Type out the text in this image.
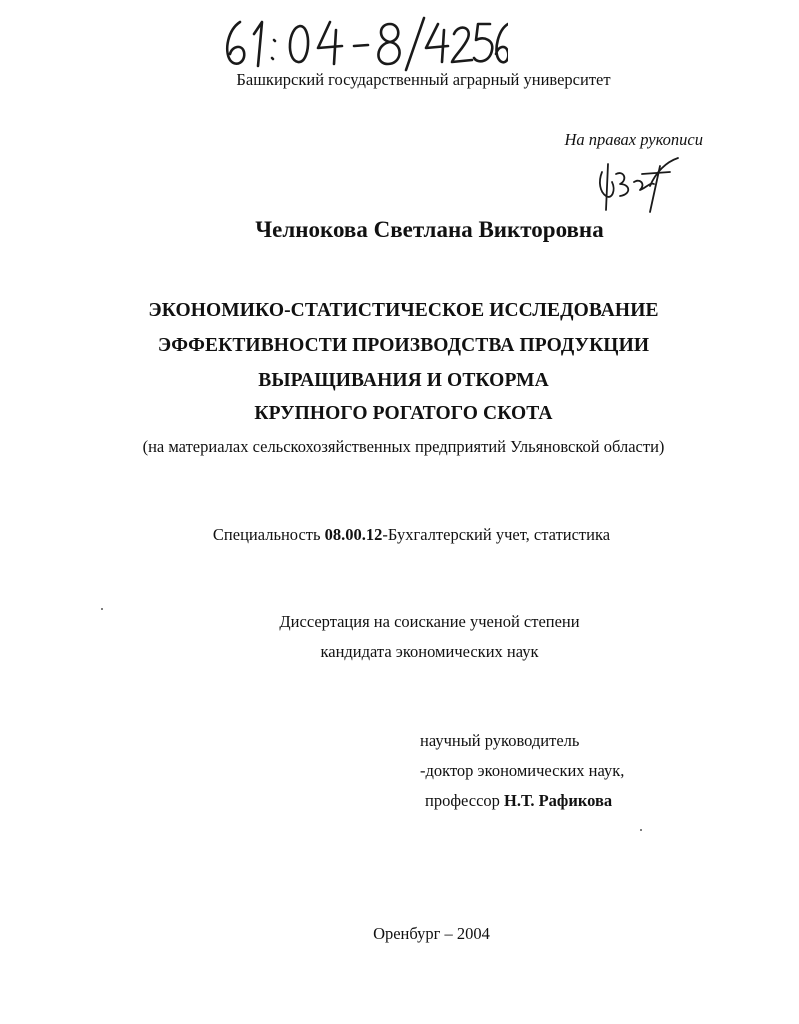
Башкирский государственный аграрный университет
На правах рукописи
Челнокова Светлана Викторовна
ЭКОНОМИКО-СТАТИСТИЧЕСКОЕ ИССЛЕДОВАНИЕ
ЭФФЕКТИВНОСТИ ПРОИЗВОДСТВА ПРОДУКЦИИ
ВЫРАЩИВАНИЯ И ОТКОРМА
КРУПНОГО РОГАТОГО СКОТА
(на материалах сельскохозяйственных предприятий Ульяновской области)
Специальность 08.00.12-Бухгалтерский учет, статистика
Диссертация на соискание ученой степени
кандидата экономических наук
научный руководитель
-доктор экономических наук,
профессор Н.Т. Рафикова
Оренбург – 2004
